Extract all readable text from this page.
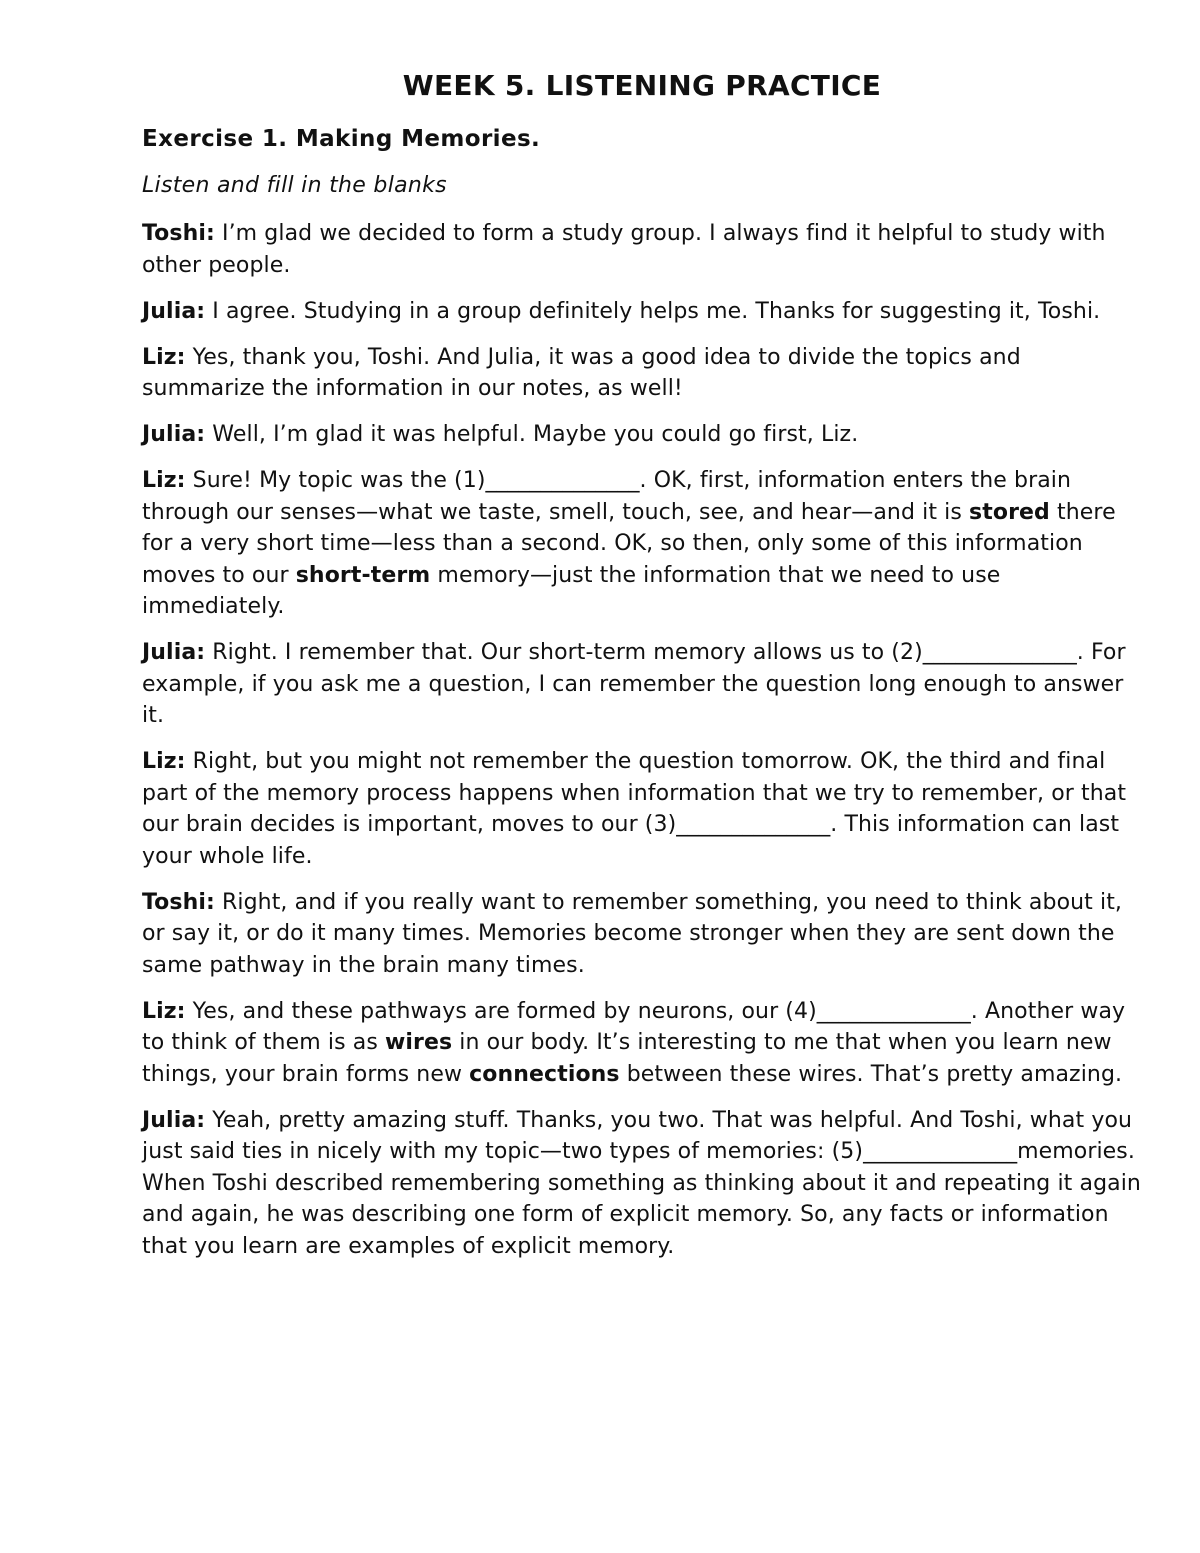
WEEK 5. LISTENING PRACTICE
Exercise 1. Making Memories.
Listen and fill in the blanks

Toshi: I’m glad we decided to form a study group. I always find it helpful to study with other people.

Julia: I agree. Studying in a group definitely helps me. Thanks for suggesting it, Toshi.

Liz: Yes, thank you, Toshi. And Julia, it was a good idea to divide the topics and summarize the information in our notes, as well!

Julia: Well, I’m glad it was helpful. Maybe you could go first, Liz.

Liz: Sure! My topic was the (1)______________. OK, first, information enters the brain through our senses—what we taste, smell, touch, see, and hear—and it is stored there for a very short time—less than a second. OK, so then, only some of this information moves to our short-term memory—just the information that we need to use immediately.

Julia: Right. I remember that. Our short-term memory allows us to (2)______________. For example, if you ask me a question, I can remember the question long enough to answer it.

Liz: Right, but you might not remember the question tomorrow. OK, the third and final part of the memory process happens when information that we try to remember, or that our brain decides is important, moves to our (3)______________. This information can last your whole life.

Toshi: Right, and if you really want to remember something, you need to think about it, or say it, or do it many times. Memories become stronger when they are sent down the same pathway in the brain many times.

Liz: Yes, and these pathways are formed by neurons, our (4)______________. Another way to think of them is as wires in our body. It’s interesting to me that when you learn new things, your brain forms new connections between these wires. That’s pretty amazing.

Julia: Yeah, pretty amazing stuff. Thanks, you two. That was helpful. And Toshi, what you just said ties in nicely with my topic—two types of memories: (5)______________memories. When Toshi described remembering something as thinking about it and repeating it again and again, he was describing one form of explicit memory. So, any facts or information that you learn are examples of explicit memory.
